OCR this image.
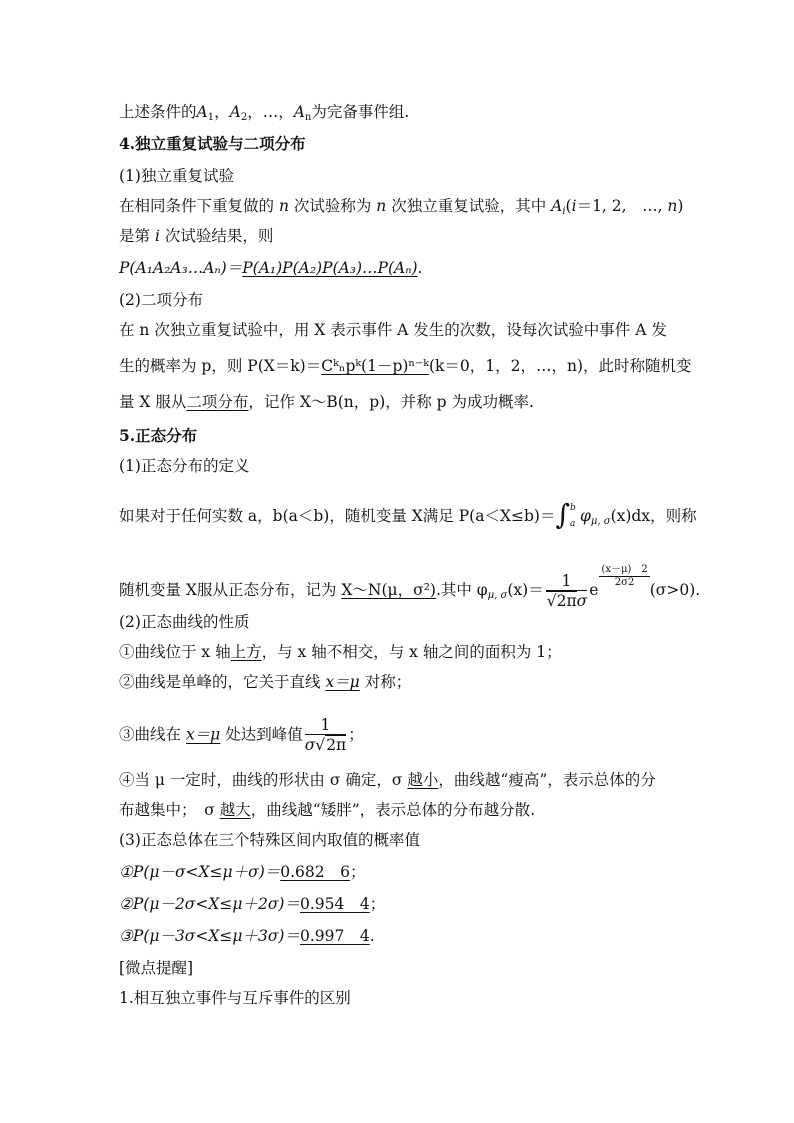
上述条件的$A_1$，$A_2$，…，$A_n$为完备事件组.
4.独立重复试验与二项分布
(1)独立重复试验
在相同条件下重复做的 n 次试验称为 n 次独立重复试验，其中 $A_i(i=1$, 2,　…, n)
是第 i 次试验结果，则
P(A₁A₂A₃…Aₙ)＝P(A₁)P(A₂)P(A₃)…P(Aₙ).
(2)二项分布
在 n 次独立重复试验中，用 X 表示事件 A 发生的次数，设每次试验中事件 A 发
生的概率为 p，则 P(X＝k)＝Cᵏₙpᵏ(1－p)ⁿ⁻ᵏ(k＝0，1，2，…，n)，此时称随机变
量 X 服从二项分布，记作 X～B(n，p)，并称 p 为成功概率.
5.正态分布
(1)正态分布的定义
如果对于任何实数 a，b(a＜b)，随机变量 X满足 P(a＜X≤b)＝∫ b
a $\varphi_{\mu, \sigma}(x)dx$，则称
随机变量 X服从正态分布，记为 X～N(μ，σ²).其中 $\varphi_{\mu, \sigma}(x)= \frac{1}{√2\pi\sigma}$ e
$\frac{(x-\mu) 2}{2\sigma 2}$
(σ>0).
(2)正态曲线的性质
①曲线位于 x 轴上方，与 x 轴不相交，与 x 轴之间的面积为 1；
②曲线是单峰的，它关于直线 x＝μ 对称；
③曲线在 x＝μ 处达到峰值 $\frac{1}{\sigma√2\pi}$ ；
④当 μ 一定时，曲线的形状由 σ 确定，σ 越小，曲线越“瘦高”，表示总体的分
布越集中；　σ 越大，曲线越“矮胖”，表示总体的分布越分散.
(3)正态总体在三个特殊区间内取值的概率值
①P(μ－σ<X≤μ＋σ)＝0.682　6；
②P(μ－2σ<X≤μ＋2σ)＝0.954　4；
③P(μ－3σ<X≤μ＋3σ)＝0.997　4.
[微点提醒]
1.相互独立事件与互斥事件的区别
